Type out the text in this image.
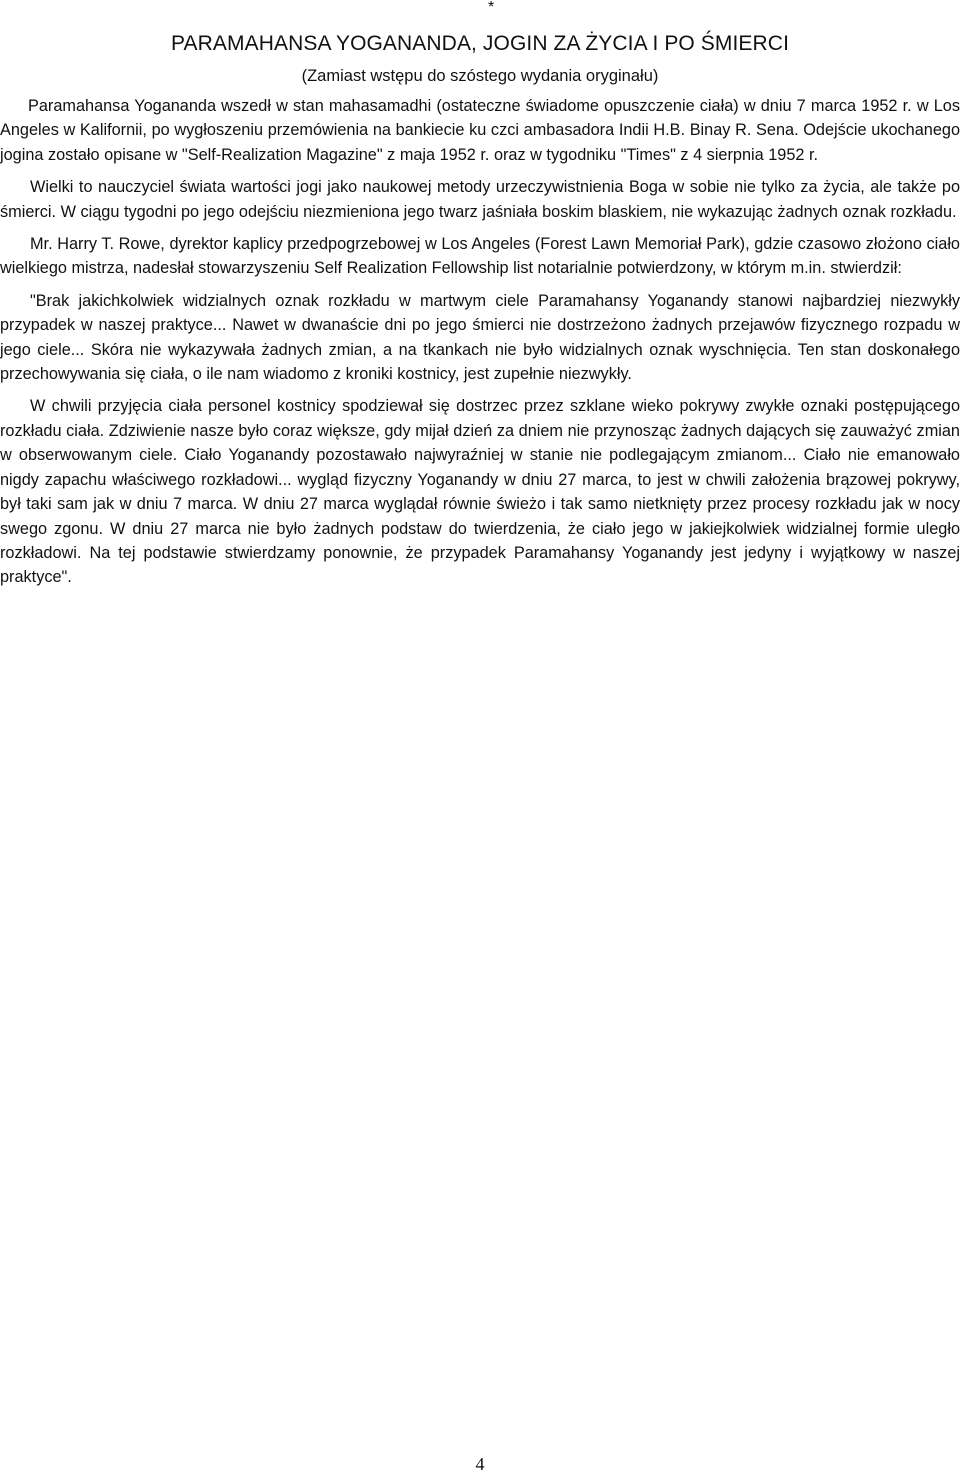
*
PARAMAHANSA YOGANANDA, JOGIN ZA ŻYCIA I PO ŚMIERCI
(Zamiast wstępu do szóstego wydania oryginału)

Paramahansa Yogananda wszedł w stan mahasamadhi (ostateczne świadome opuszczenie ciała) w dniu 7 marca 1952 r. w Los Angeles w Kalifornii, po wygłoszeniu przemówienia na bankiecie ku czci ambasadora Indii H.B. Binay R. Sena. Odejście ukochanego jogina zostało opisane w "Self-Realization Magazine" z maja 1952 r. oraz w tygodniku "Times" z 4 sierpnia 1952 r.

Wielki to nauczyciel świata wartości jogi jako naukowej metody urzeczywistnienia Boga w sobie nie tylko za życia, ale także po śmierci. W ciągu tygodni po jego odejściu niezmieniona jego twarz jaśniała boskim blaskiem, nie wykazując żadnych oznak rozkładu.

Mr. Harry T. Rowe, dyrektor kaplicy przedpogrzebowej w Los Angeles (Forest Lawn Memoriał Park), gdzie czasowo złożono ciało wielkiego mistrza, nadesłał stowarzyszeniu Self Realization Fellowship list notarialnie potwierdzony, w którym m.in. stwierdził:

"Brak jakichkolwiek widzialnych oznak rozkładu w martwym ciele Paramahansy Yoganandy stanowi najbardziej niezwykły przypadek w naszej praktyce... Nawet w dwanaście dni po jego śmierci nie dostrzeżono żadnych przejawów fizycznego rozpadu w jego ciele... Skóra nie wykazywała żadnych zmian, a na tkankach nie było widzialnych oznak wyschnięcia. Ten stan doskonałego przechowywania się ciała, o ile nam wiadomo z kroniki kostnicy, jest zupełnie niezwykły.

W chwili przyjęcia ciała personel kostnicy spodziewał się dostrzec przez szklane wieko pokrywy zwykłe oznaki postępującego rozkładu ciała. Zdziwienie nasze było coraz większe, gdy mijał dzień za dniem nie przynosząc żadnych dających się zauważyć zmian w obserwowanym ciele. Ciało Yoganandy pozostawało najwyraźniej w stanie nie podlegającym zmianom... Ciało nie emanowało nigdy zapachu właściwego rozkładowi... wygląd fizyczny Yoganandy w dniu 27 marca, to jest w chwili założenia brązowej pokrywy, był taki sam jak w dniu 7 marca. W dniu 27 marca wyglądał równie świeżo i tak samo nietknięty przez procesy rozkładu jak w nocy swego zgonu. W dniu 27 marca nie było żadnych podstaw do twierdzenia, że ciało jego w jakiejkolwiek widzialnej formie uległo rozkładowi. Na tej podstawie stwierdzamy ponownie, że przypadek Paramahansy Yoganandy jest jedyny i wyjątkowy w naszej praktyce".

4
